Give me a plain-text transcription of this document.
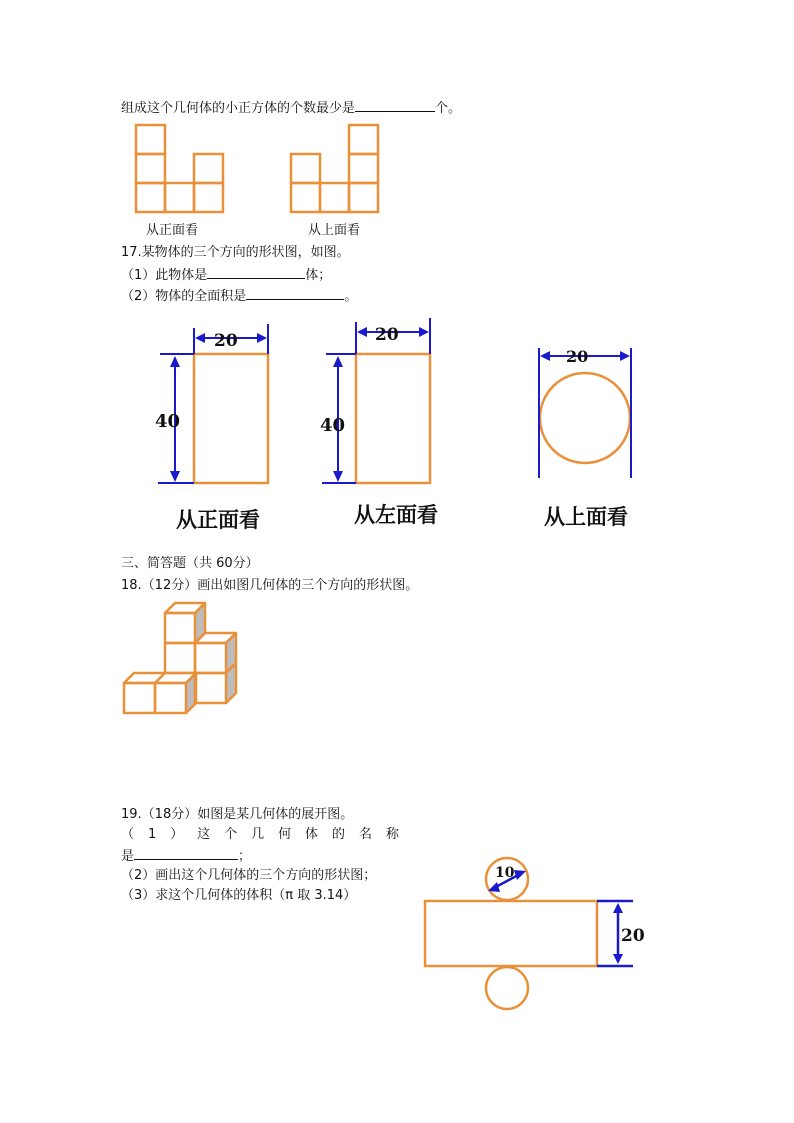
组成这个几何体的小正方体的个数最少是	个。
20
40
20
40
20
10
20
从正面看	从左面看	从上面看
从正面看	从上面看
17.某物体的三个方向的形状图，如图。
（1）此物体是	体；
（2）物体的全面积是	。
三、简答题（共 60分）
18.（12分）画出如图几何体的三个方向的形状图。
19.（18分）如图是某几何体的展开图。
（ 1 ） 这 个 几 何 体 的 名 称
是	；
（2）画出这个几何体的三个方向的形状图；
（3）求这个几何体的体积（π 取 3.14）
